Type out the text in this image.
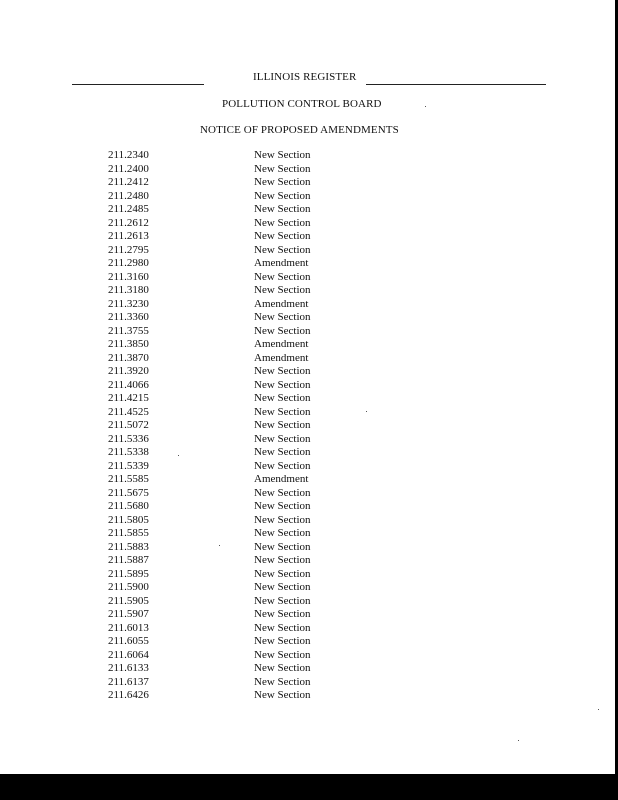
ILLINOIS REGISTER
POLLUTION CONTROL BOARD
NOTICE OF PROPOSED AMENDMENTS
211.2340	New Section
211.2400	New Section
211.2412	New Section
211.2480	New Section
211.2485	New Section
211.2612	New Section
211.2613	New Section
211.2795	New Section
211.2980	Amendment
211.3160	New Section
211.3180	New Section
211.3230	Amendment
211.3360	New Section
211.3755	New Section
211.3850	Amendment
211.3870	Amendment
211.3920	New Section
211.4066	New Section
211.4215	New Section
211.4525	New Section
211.5072	New Section
211.5336	New Section
211.5338	New Section
211.5339	New Section
211.5585	Amendment
211.5675	New Section
211.5680	New Section
211.5805	New Section
211.5855	New Section
211.5883	New Section
211.5887	New Section
211.5895	New Section
211.5900	New Section
211.5905	New Section
211.5907	New Section
211.6013	New Section
211.6055	New Section
211.6064	New Section
211.6133	New Section
211.6137	New Section
211.6426	New Section
